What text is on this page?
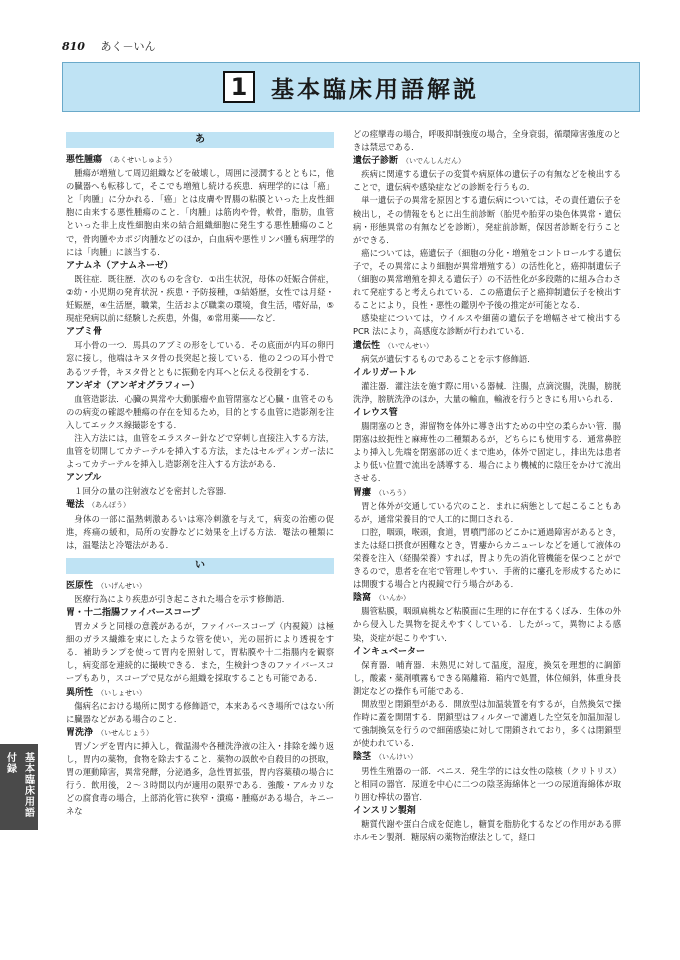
810 あく－いん
1	基本臨床用語解説
あ
悪性腫瘍 （あくせいしゅよう）
腫瘍が増殖して周辺組織などを破壊し，周囲に浸潤するとともに，他の臓器へも転移して，そこでも増殖し続ける疾患．病理学的には「癌」と「肉腫」に分かれる．「癌」とは皮膚や胃腸の粘膜といった上皮性細胞に由来する悪性腫瘍のこと．「肉腫」は筋肉や骨，軟骨，脂肪，血管といった非上皮性細胞由来の結合組織細胞に発生する悪性腫瘍のことで，骨肉腫やカポジ肉腫などのほか，白血病や悪性リンパ腫も病理学的には「肉腫」に該当する．
アナムネ（アナムネーゼ）
既往症．既往歴．次のものを含む．①出生状況，母体の妊娠合併症，②幼・小児期の発育状況・疾患・予防接種，③結婚歴，女性では月経・妊娠歴，④生活歴，職業，生活および職業の環境，食生活，嗜好品，⑤現症発病以前に経験した疾患，外傷，⑥常用薬――など．
アブミ骨
耳小骨の一つ．馬具のアブミの形をしている．その底面が内耳の卵円窓に接し，他端はキヌタ骨の長突起と接している．他の２つの耳小骨であるツチ骨，キヌタ骨とともに振動を内耳へと伝える役割をする．
アンギオ（アンギオグラフィー）
血管造影法．心臓の異常や大動脈瘤や血管閉塞など心臓・血管そのものの病変の確認や腫瘍の存在を知るため，目的とする血管に造影剤を注入してエックス線撮影をする．
注入方法には，血管をエラスター針などで穿刺し直接注入する方法，血管を切開してカテーテルを挿入する方法，またはセルディンガー法によってカテーテルを挿入し造影剤を注入する方法がある．
アンプル
１回分の量の注射液などを密封した容器．
罨法 （あんぽう）
身体の一部に温熱刺激あるいは寒冷刺激を与えて，病変の治癒の促進，疼痛の緩和，局所の安静などに効果を上げる方法．罨法の種類には，温罨法と冷罨法がある．
い
医原性 （いげんせい）
医療行為により疾患が引き起こされた場合を示す修飾語．
胃・十二指腸ファイバースコープ
胃カメラと同様の意義があるが，ファイバースコープ（内視鏡）は極細のガラス繊維を束にしたような管を使い，光の屈折により透視をする．補助ランプを使って胃内を照射して，胃粘膜や十二指腸内を観察し，病変部を連続的に撮映できる．また，生検針つきのファイバースコープもあり，スコープで見ながら組織を採取することも可能である．
異所性 （いしょせい）
傷病名における場所に関する修飾語で，本来あるべき場所ではない所に臓器などがある場合のこと．
胃洗浄 （いせんじょう）
胃ゾンデを胃内に挿入し，微温湯や各種洗浄液の注入・排除を繰り返し，胃内の薬物，食物を除去すること．薬物の誤飲や自殺目的の摂取，胃の運動障害，異常発酵，分泌過多，急性胃拡張，胃内容薬積の場合に行う．飲用後，２～３時間以内が適用の限界である．強酸・アルカリなどの腐食毒の場合，上部消化管に狭窄・潰瘍・腫瘍がある場合，キニーネな
どの痙攣毒の場合，呼吸抑制強度の場合，全身衰弱，循環障害強度のときは禁忌である．
遺伝子診断 （いでんしんだん）
疾病に関連する遺伝子の変質や病原体の遺伝子の有無などを検出することで，遺伝病や感染症などの診断を行うもの．
単一遺伝子の異常を原因とする遺伝病については，その責任遺伝子を検出し，その情報をもとに出生前診断（胎児や胎芽の染色体異常・遺伝病・形態異常の有無などを診断），発症前診断，保因者診断を行うことができる．
癌については，癌遺伝子（細胞の分化・増殖をコントロールする遺伝子で，その異常により細胞が異常増殖する）の活性化と，癌抑制遺伝子（細胞の異常増殖を抑える遺伝子）の不活性化が多段階的に組み合わされて発症すると考えられている．この癌遺伝子と癌抑制遺伝子を検出することにより，良性・悪性の鑑別や予後の推定が可能となる．
感染症については，ウイルスや細菌の遺伝子を増幅させて検出する PCR 法により，高感度な診断が行われている．
遺伝性 （いでんせい）
病気が遺伝するものであることを示す修飾語．
イルリガートル
灌注器．灌注法を施す際に用いる器械．注腸，点滴浣腸，洗腸，膀胱洗浄，膀胱洗浄のほか，大量の輸血，輸液を行うときにも用いられる．
イレウス管
腸閉塞のとき，滞留物を体外に導き出すための中空の柔らかい管．腸閉塞は絞扼性と麻痺性の二種類あるが，どちらにも使用する．通常鼻腔より挿入し先端を閉塞部の近くまで進め，体外で固定し，排出先は患者より低い位置で流出を誘導する．場合により機械的に陰圧をかけて流出させる．
胃瘻 （いろう）
胃と体外が交通している穴のこと．まれに病態として起こることもあるが，通常栄養目的で人工的に開口される．
口腔，咽頭，喉頭，食道，胃噴門部のどこかに通過障害があるとき，または経口摂食が困難なとき，胃瘻からカニューレなどを通して液体の栄養を注入（経腸栄養）すれば，胃より先の消化管機能を保つことができるので，患者を在宅で管理しやすい．手術的に瘻孔を形成するためには開腹する場合と内視鏡で行う場合がある．
陰窩 （いんか）
腸管粘膜，咽頭扁桃など粘膜面に生理的に存在するくぼみ．生体の外から侵入した異物を捉えやすくしている．したがって，異物による感染，炎症が起こりやすい．
インキュベーター
保育器．哺育器．未熟児に対して温度，湿度，換気を理想的に調節し，酸素・薬剤噴霧もできる隔離箱．箱内で処置，体位傾斜，体重身長測定などの操作も可能である．
開放型と閉鎖型がある．開放型は加温装置を有するが，自然換気で操作時に蓋を開閉する．閉鎖型はフィルターで濾過した空気を加温加湿して強制換気を行うので細菌感染に対して閉鎖されており，多くは閉鎖型が使われている．
陰茎 （いんけい）
男性生殖器の一部．ペニス．発生学的には女性の陰核（クリトリス）と相同の器官．尿道を中心に二つの陰茎海綿体と一つの尿道海綿体が取り囲む棒状の器官．
インスリン製剤
糖質代謝や蛋白合成を促進し，糖質を脂肪化するなどの作用がある膵ホルモン製剤．糖尿病の薬物治療法として，経口
基本臨床用語
付録
